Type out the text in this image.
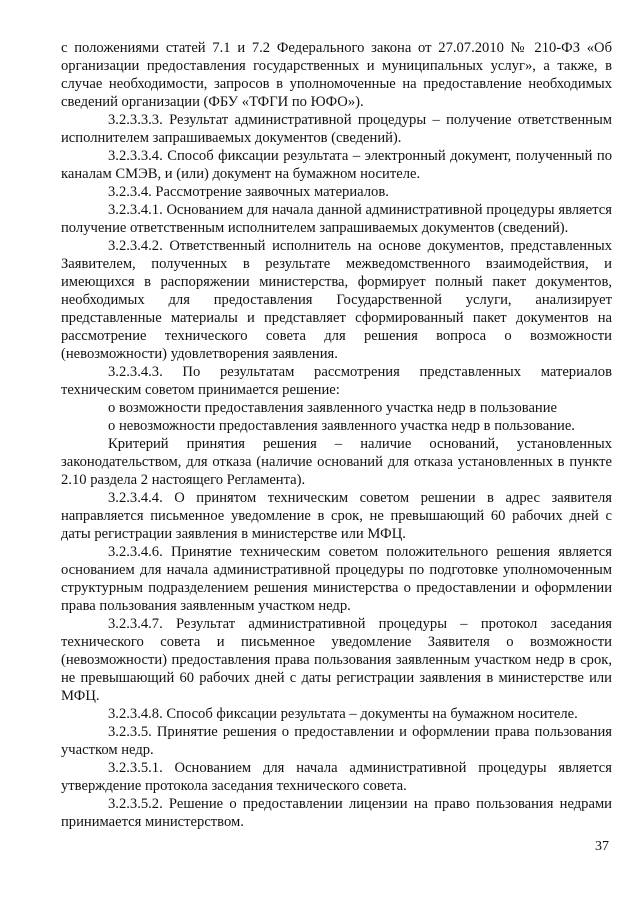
с положениями статей 7.1 и 7.2 Федерального закона от 27.07.2010 № 210-ФЗ «Об организации предоставления государственных и муниципальных услуг», а также, в случае необходимости, запросов в уполномоченные на предоставление необходимых сведений организации (ФБУ «ТФГИ по ЮФО»).

3.2.3.3.3. Результат административной процедуры – получение ответственным исполнителем запрашиваемых документов (сведений).

3.2.3.3.4. Способ фиксации результата – электронный документ, полученный по каналам СМЭВ, и (или) документ на бумажном носителе.

3.2.3.4. Рассмотрение заявочных материалов.

3.2.3.4.1. Основанием для начала данной административной процедуры является получение ответственным исполнителем запрашиваемых документов (сведений).

3.2.3.4.2. Ответственный исполнитель на основе документов, представленных Заявителем, полученных в результате межведомственного взаимодействия, и имеющихся в распоряжении министерства, формирует полный пакет документов, необходимых для предоставления Государственной услуги, анализирует представленные материалы и представляет сформированный пакет документов на рассмотрение технического совета для решения вопроса о возможности (невозможности) удовлетворения заявления.

3.2.3.4.3. По результатам рассмотрения представленных материалов техническим советом принимается решение:

о возможности предоставления заявленного участка недр в пользование

о невозможности предоставления заявленного участка недр в пользование.

Критерий принятия решения – наличие оснований, установленных законодательством, для отказа (наличие оснований для отказа установленных в пункте 2.10 раздела 2 настоящего Регламента).

3.2.3.4.4. О принятом техническим советом решении в адрес заявителя направляется письменное уведомление в срок, не превышающий 60 рабочих дней с даты регистрации заявления в министерстве или МФЦ.

3.2.3.4.6. Принятие техническим советом положительного решения является основанием для начала административной процедуры по подготовке уполномоченным структурным подразделением решения министерства о предоставлении и оформлении права пользования заявленным участком недр.

3.2.3.4.7. Результат административной процедуры – протокол заседания технического совета и письменное уведомление Заявителя о возможности (невозможности) предоставления права пользования заявленным участком недр в срок, не превышающий 60 рабочих дней с даты регистрации заявления в министерстве или МФЦ.

3.2.3.4.8. Способ фиксации результата – документы на бумажном носителе.

3.2.3.5. Принятие решения о предоставлении и оформлении права пользования участком недр.

3.2.3.5.1. Основанием для начала административной процедуры является утверждение протокола заседания технического совета.

3.2.3.5.2. Решение о предоставлении лицензии на право пользования недрами принимается министерством.

37
